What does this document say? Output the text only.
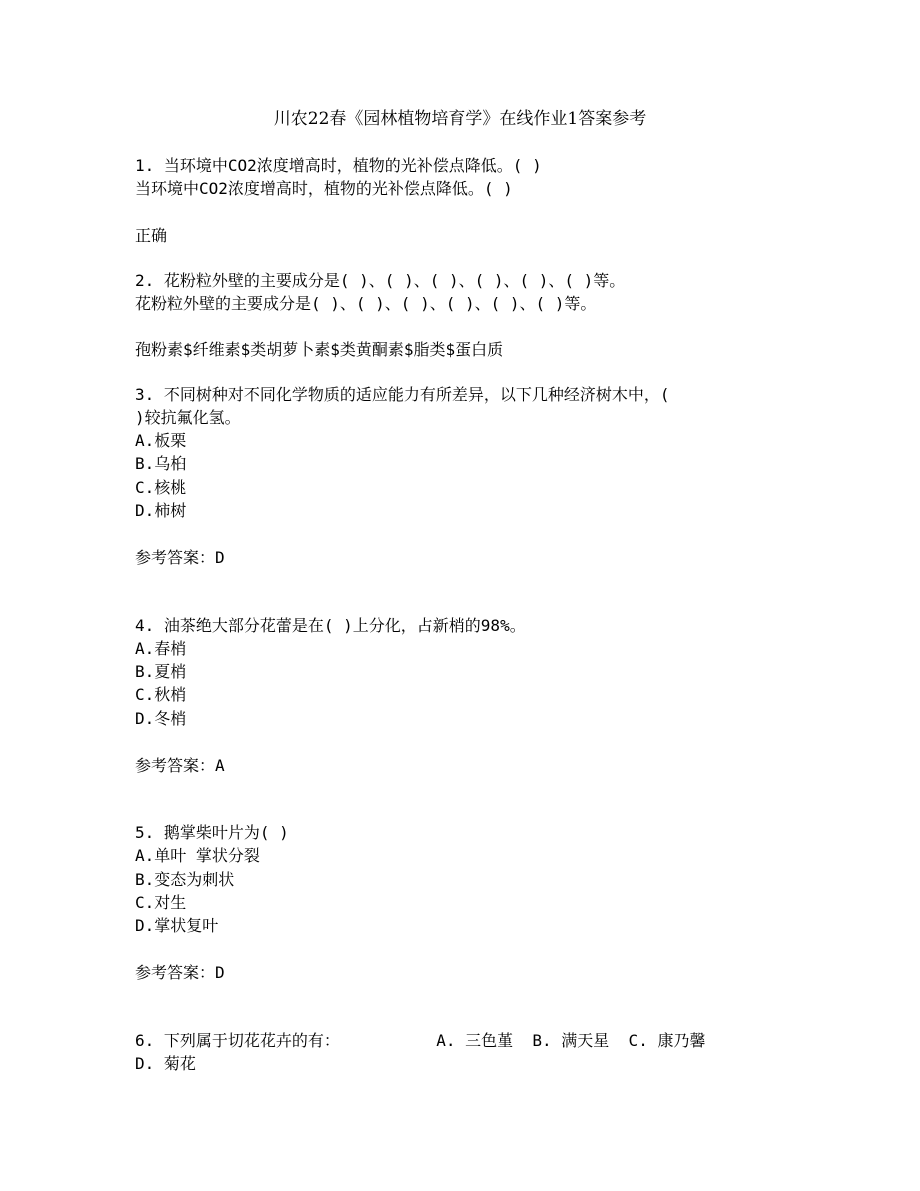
川农22春《园林植物培育学》在线作业1答案参考
1. 当环境中CO2浓度增高时，植物的光补偿点降低。( )
当环境中CO2浓度增高时，植物的光补偿点降低。( )
正确
2. 花粉粒外壁的主要成分是( )、( )、( )、( )、( )、( )等。
花粉粒外壁的主要成分是( )、( )、( )、( )、( )、( )等。
孢粉素$纤维素$类胡萝卜素$类黄酮素$脂类$蛋白质
3. 不同树种对不同化学物质的适应能力有所差异，以下几种经济树木中，(
)较抗氟化氢。
A.板栗
B.乌桕
C.核桃
D.柿树
参考答案：D
4. 油茶绝大部分花蕾是在( )上分化，占新梢的98%。
A.春梢
B.夏梢
C.秋梢
D.冬梢
参考答案：A
5. 鹅掌柴叶片为( )
A.单叶 掌状分裂
B.变态为刺状
C.对生
D.掌状复叶
参考答案：D
6. 下列属于切花花卉的有：          A. 三色堇  B. 满天星  C. 康乃馨
D. 菊花
